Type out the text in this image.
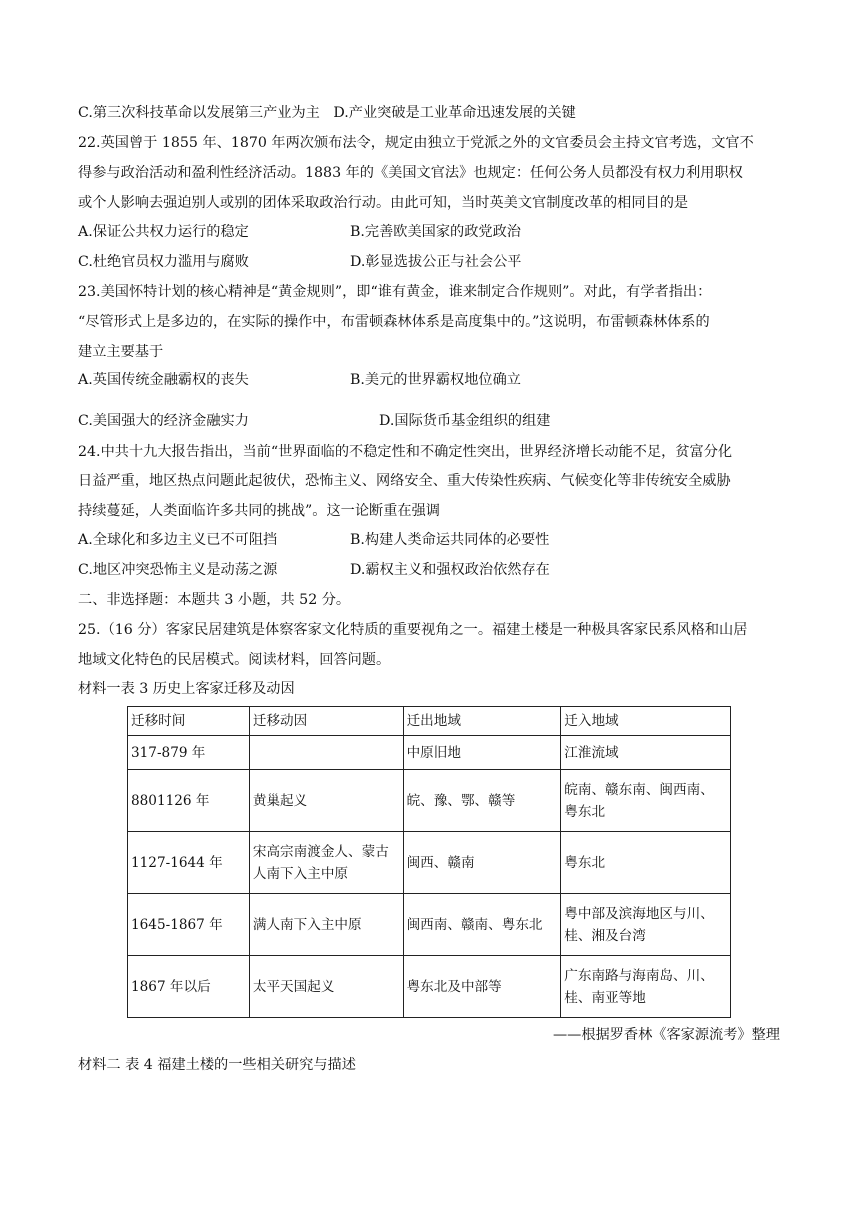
C.第三次科技革命以发展第三产业为主 D.产业突破是工业革命迅速发展的关键
22.英国曾于 1855 年、1870 年两次颁布法令，规定由独立于党派之外的文官委员会主持文官考选，文官不
得参与政治活动和盈利性经济活动。1883 年的《美国文官法》也规定：任何公务人员都没有权力利用职权
或个人影响去强迫别人或别的团体采取政治行动。由此可知，当时英美文官制度改革的相同目的是
A.保证公共权力运行的稳定	B.完善欧美国家的政党政治
C.杜绝官员权力滥用与腐败	D.彰显选拔公正与社会公平
23.美国怀特计划的核心精神是“黄金规则”，即“谁有黄金，谁来制定合作规则”。对此，有学者指出：
“尽管形式上是多边的，在实际的操作中，布雷顿森林体系是高度集中的。”这说明，布雷顿森林体系的
建立主要基于
A.英国传统金融霸权的丧失	B.美元的世界霸权地位确立
C.美国强大的经济金融实力	D.国际货币基金组织的组建
24.中共十九大报告指出，当前“世界面临的不稳定性和不确定性突出，世界经济增长动能不足，贫富分化
日益严重，地区热点问题此起彼伏，恐怖主义、网络安全、重大传染性疾病、气候变化等非传统安全威胁
持续蔓延，人类面临许多共同的挑战”。这一论断重在强调
A.全球化和多边主义已不可阻挡	B.构建人类命运共同体的必要性
C.地区冲突恐怖主义是动荡之源	D.霸权主义和强权政治依然存在
二、非选择题：本题共 3 小题，共 52 分。
25.（16 分）客家民居建筑是体察客家文化特质的重要视角之一。福建土楼是一种极具客家民系风格和山居
地域文化特色的民居模式。阅读材料，回答问题。
材料一表 3 历史上客家迁移及动因
迁移时间	迁移动因	迁出地域	迁入地域
317-879 年		中原旧地	江淮流域
8801126 年	黄巢起义	皖、豫、鄂、赣等	皖南、赣东南、闽西南、粤东北
1127-1644 年	宋高宗南渡金人、蒙古人南下入主中原	闽西、赣南	粤东北
1645-1867 年	满人南下入主中原	闽西南、赣南、粤东北	粤中部及滨海地区与川、桂、湘及台湾
1867 年以后	太平天国起义	粤东北及中部等	广东南路与海南岛、川、桂、南亚等地
——根据罗香林《客家源流考》整理
材料二 表 4 福建土楼的一些相关研究与描述
